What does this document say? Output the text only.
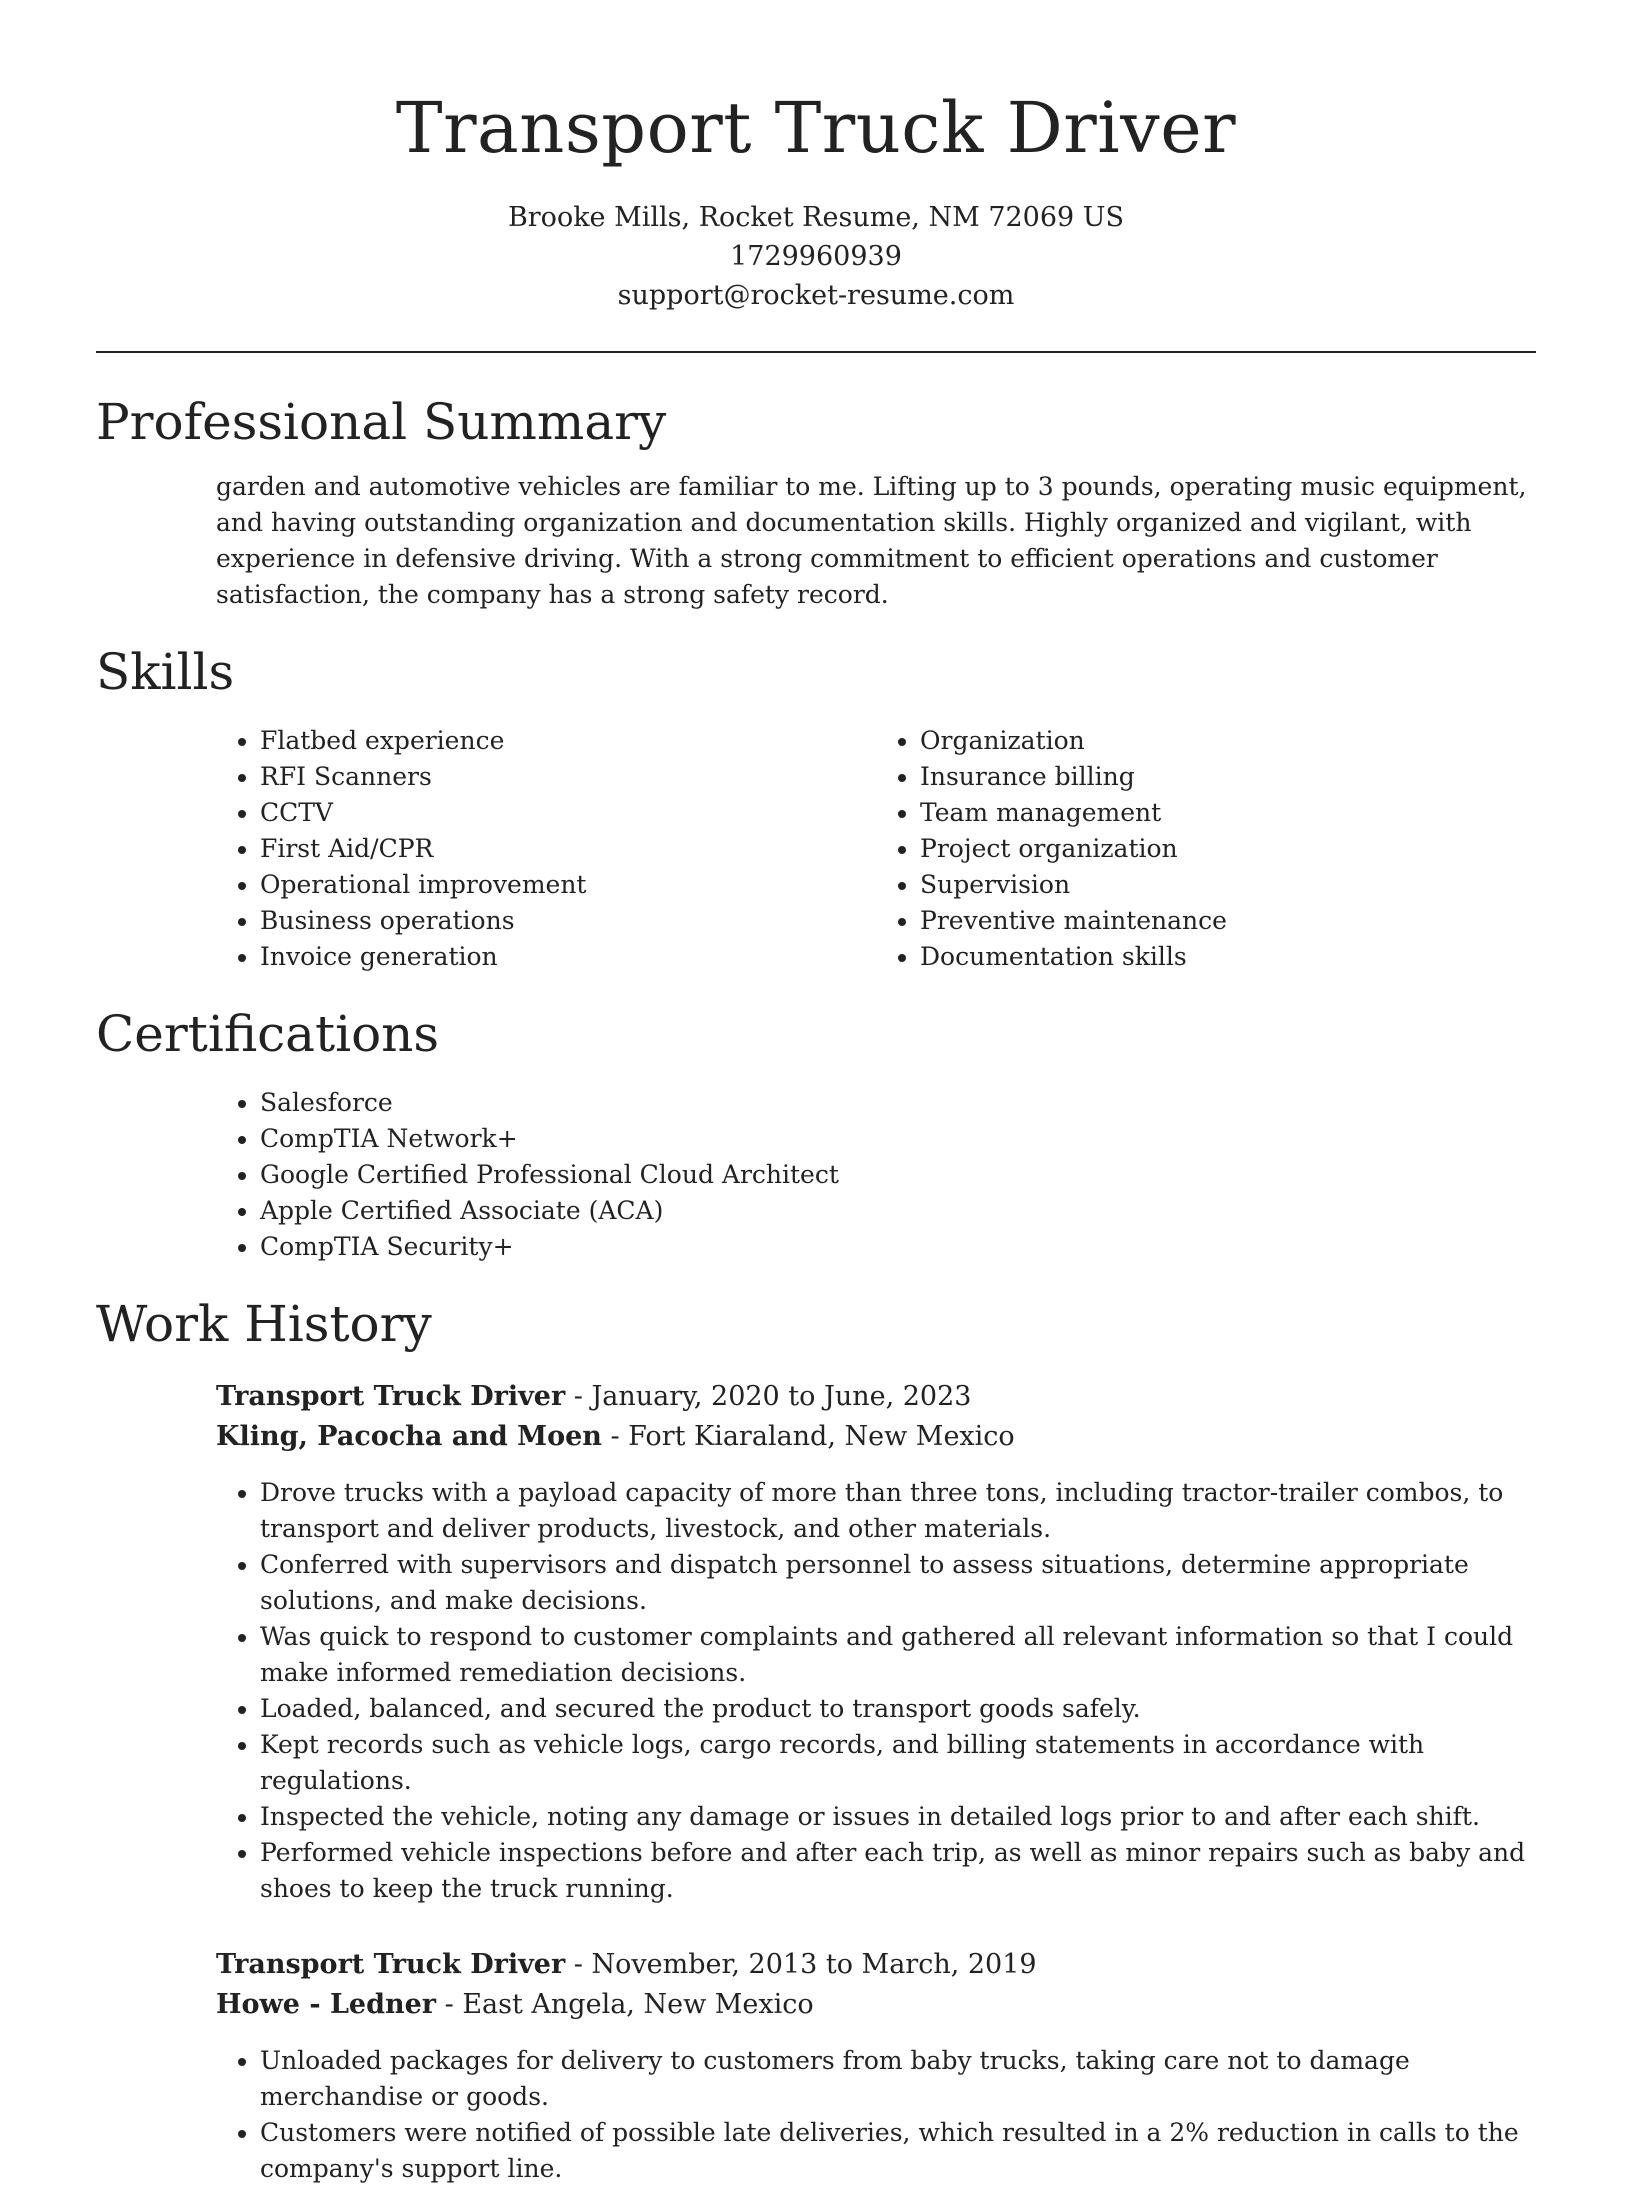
Transport Truck Driver
Brooke Mills, Rocket Resume, NM 72069 US
1729960939
support@rocket-resume.com
Professional Summary

garden and automotive vehicles are familiar to me. Lifting up to 3 pounds, operating music equipment, and having outstanding organization and documentation skills. Highly organized and vigilant, with experience in defensive driving. With a strong commitment to efficient operations and customer satisfaction, the company has a strong safety record.

Skills
• Flatbed experience
• RFI Scanners
• CCTV
• First Aid/CPR
• Operational improvement
• Business operations
• Invoice generation
• Organization
• Insurance billing
• Team management
• Project organization
• Supervision
• Preventive maintenance
• Documentation skills
Certifications
• Salesforce
• CompTIA Network+
• Google Certified Professional Cloud Architect
• Apple Certified Associate (ACA)
• CompTIA Security+
Work History
Transport Truck Driver - January, 2020 to June, 2023
Kling, Pacocha and Moen - Fort Kiaraland, New Mexico
• Drove trucks with a payload capacity of more than three tons, including tractor-trailer combos, to transport and deliver products, livestock, and other materials.
• Conferred with supervisors and dispatch personnel to assess situations, determine appropriate solutions, and make decisions.
• Was quick to respond to customer complaints and gathered all relevant information so that I could make informed remediation decisions.
• Loaded, balanced, and secured the product to transport goods safely.
• Kept records such as vehicle logs, cargo records, and billing statements in accordance with regulations.
• Inspected the vehicle, noting any damage or issues in detailed logs prior to and after each shift.
• Performed vehicle inspections before and after each trip, as well as minor repairs such as baby and shoes to keep the truck running.
Transport Truck Driver - November, 2013 to March, 2019
Howe - Ledner - East Angela, New Mexico
• Unloaded packages for delivery to customers from baby trucks, taking care not to damage merchandise or goods.
• Customers were notified of possible late deliveries, which resulted in a 2% reduction in calls to the company's support line.
